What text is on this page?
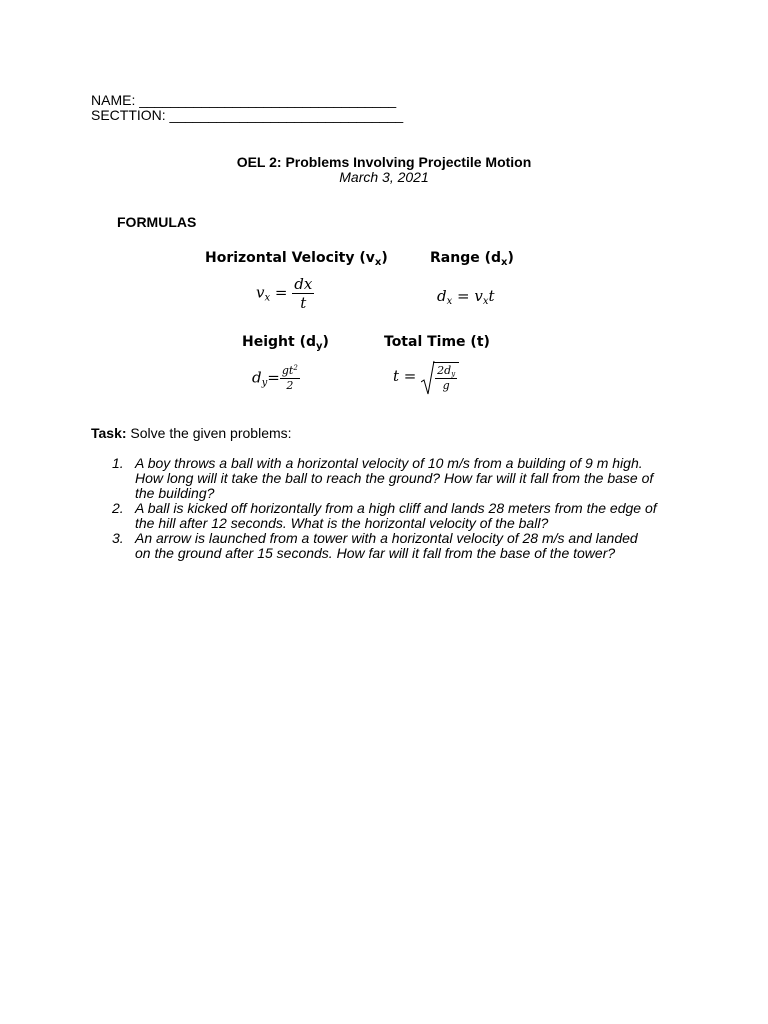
NAME: _________________________________
SECTTION: ______________________________
OEL 2: Problems Involving Projectile Motion
March 3, 2021
FORMULAS
Horizontal Velocity $(v_x)$	Range $(d_x)$
Height $(d_y)$	Total Time (t)
$v_x = \frac{dx}{t}$	$d_x = v_xt$
$d_y= \frac{gt^2}{2}$	$t = \frac{2d_y}{g}$
Task: Solve the given problems:
1. A boy throws a ball with a horizontal velocity of 10 m/s from a building of 9 m high. How long will it take the ball to reach the ground? How far will it fall from the base of the building?
2. A ball is kicked off horizontally from a high cliff and lands 28 meters from the edge of the hill after 12 seconds. What is the horizontal velocity of the ball?
3. An arrow is launched from a tower with a horizontal velocity of 28 m/s and landed on the ground after 15 seconds. How far will it fall from the base of the tower?
